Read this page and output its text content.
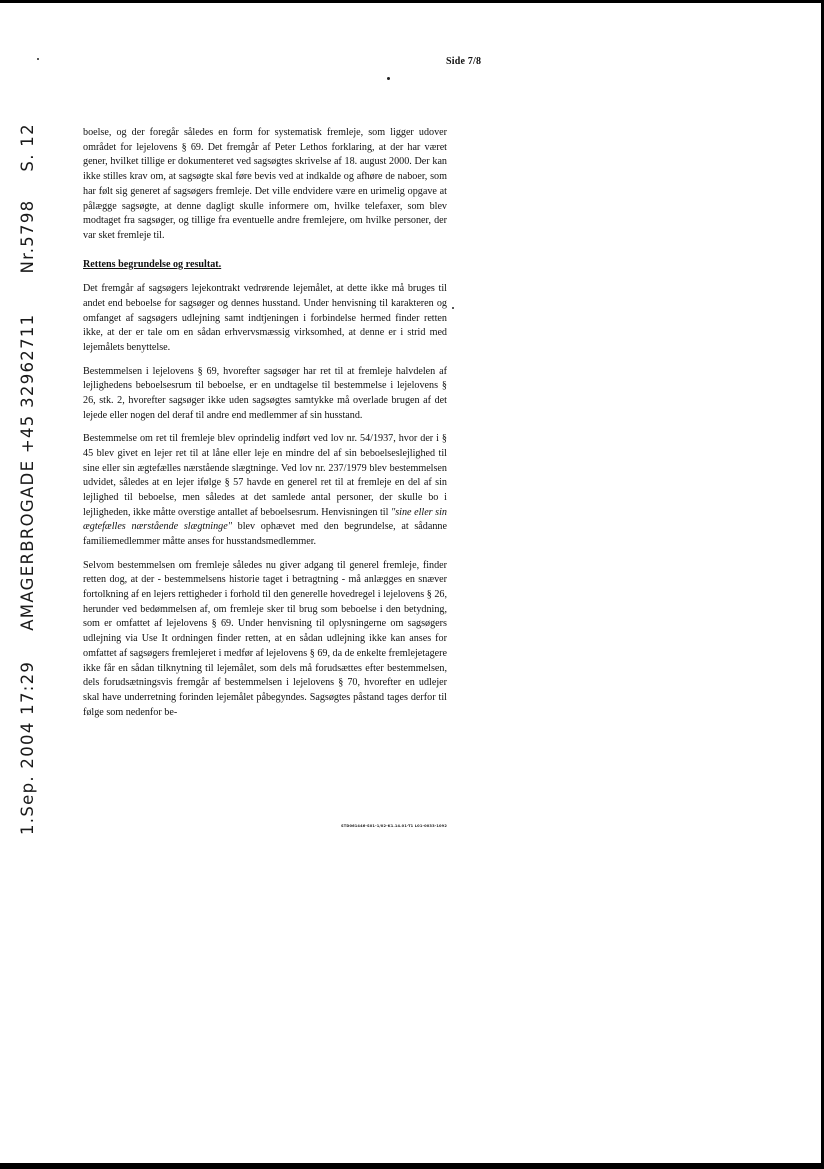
Side 7/8
1.Sep. 2004 17:29AMAGERBROGADE +45 32962711Nr.5798S. 12	boelse, og der foregår således en form for systematisk fremleje, som ligger udover området for lejelovens § 69. Det fremgår af Peter Lethos forklaring, at der har været gener, hvilket tillige er dokumenteret ved sagsøgtes skrivelse af 18. august 2000. Der kan ikke stilles krav om, at sagsøgte skal føre bevis ved at indkalde og afhøre de naboer, som har følt sig generet af sagsøgers fremleje. Det ville endvidere være en urimelig opgave at pålægge sagsøgte, at denne dagligt skulle informere om, hvilke telefaxer, som blev modtaget fra sagsøger, og tillige fra eventuelle andre fremlejere, om hvilke personer, der var sket fremleje til.

Rettens begrundelse og resultat.

Det fremgår af sagsøgers lejekontrakt vedrørende lejemålet, at dette ikke må bruges til andet end beboelse for sagsøger og dennes husstand. Under henvisning til karakteren og omfanget af sagsøgers udlejning samt indtjeningen i forbindelse hermed finder retten ikke, at der er tale om en sådan erhvervsmæssig virksomhed, at denne er i strid med lejemålets benyttelse.

Bestemmelsen i lejelovens § 69, hvorefter sagsøger har ret til at fremleje halvdelen af lejlighedens beboelsesrum til beboelse, er en undtagelse til bestemmelse i lejelovens § 26, stk. 2, hvorefter sagsøger ikke uden sagsøgtes samtykke må overlade brugen af det lejede eller nogen del deraf til andre end medlemmer af sin husstand.

Bestemmelse om ret til fremleje blev oprindelig indført ved lov nr. 54/1937, hvor der i § 45 blev givet en lejer ret til at låne eller leje en mindre del af sin beboelseslejlighed til sine eller sin ægtefælles nærstående slægtninge. Ved lov nr. 237/1979 blev bestemmelsen udvidet, således at en lejer ifølge § 57 havde en generel ret til at fremleje en del af sin lejlighed til beboelse, men således at det samlede antal personer, der skulle bo i lejligheden, ikke måtte overstige antallet af beboelsesrum. Henvisningen til "sine eller sin ægtefælles nærstående slægtninge" blev ophævet med den begrundelse, at sådanne familiemedlemmer måtte anses for husstandsmedlemmer.

Selvom bestemmelsen om fremleje således nu giver adgang til generel fremleje, finder retten dog, at der - bestemmelsens historie taget i betragtning - må anlægges en snæver fortolkning af en lejers rettigheder i forhold til den generelle hovedregel i lejelovens § 26, herunder ved bedømmelsen af, om fremleje sker til brug som beboelse i den betydning, som er omfattet af lejelovens § 69. Under henvisning til oplysningerne om sagsøgers udlejning via Use It ordningen finder retten, at en sådan udlejning ikke kan anses for omfattet af sagsøgers fremlejeret i medfør af lejelovens § 69, da de enkelte fremlejetagere ikke får en sådan tilknytning til lejemålet, som dels må forudsættes efter bestemmelsen, dels forudsætningsvis fremgår af bestemmelsen i lejelovens § 70, hvorefter en udlejer skal have underretning forinden lejemålet påbegyndes. Sagsøgtes påstand tages derfor til følge som nedenfor be-

STD061446-S01-1/02-K1.14.01-T1 L01-0033-1092
